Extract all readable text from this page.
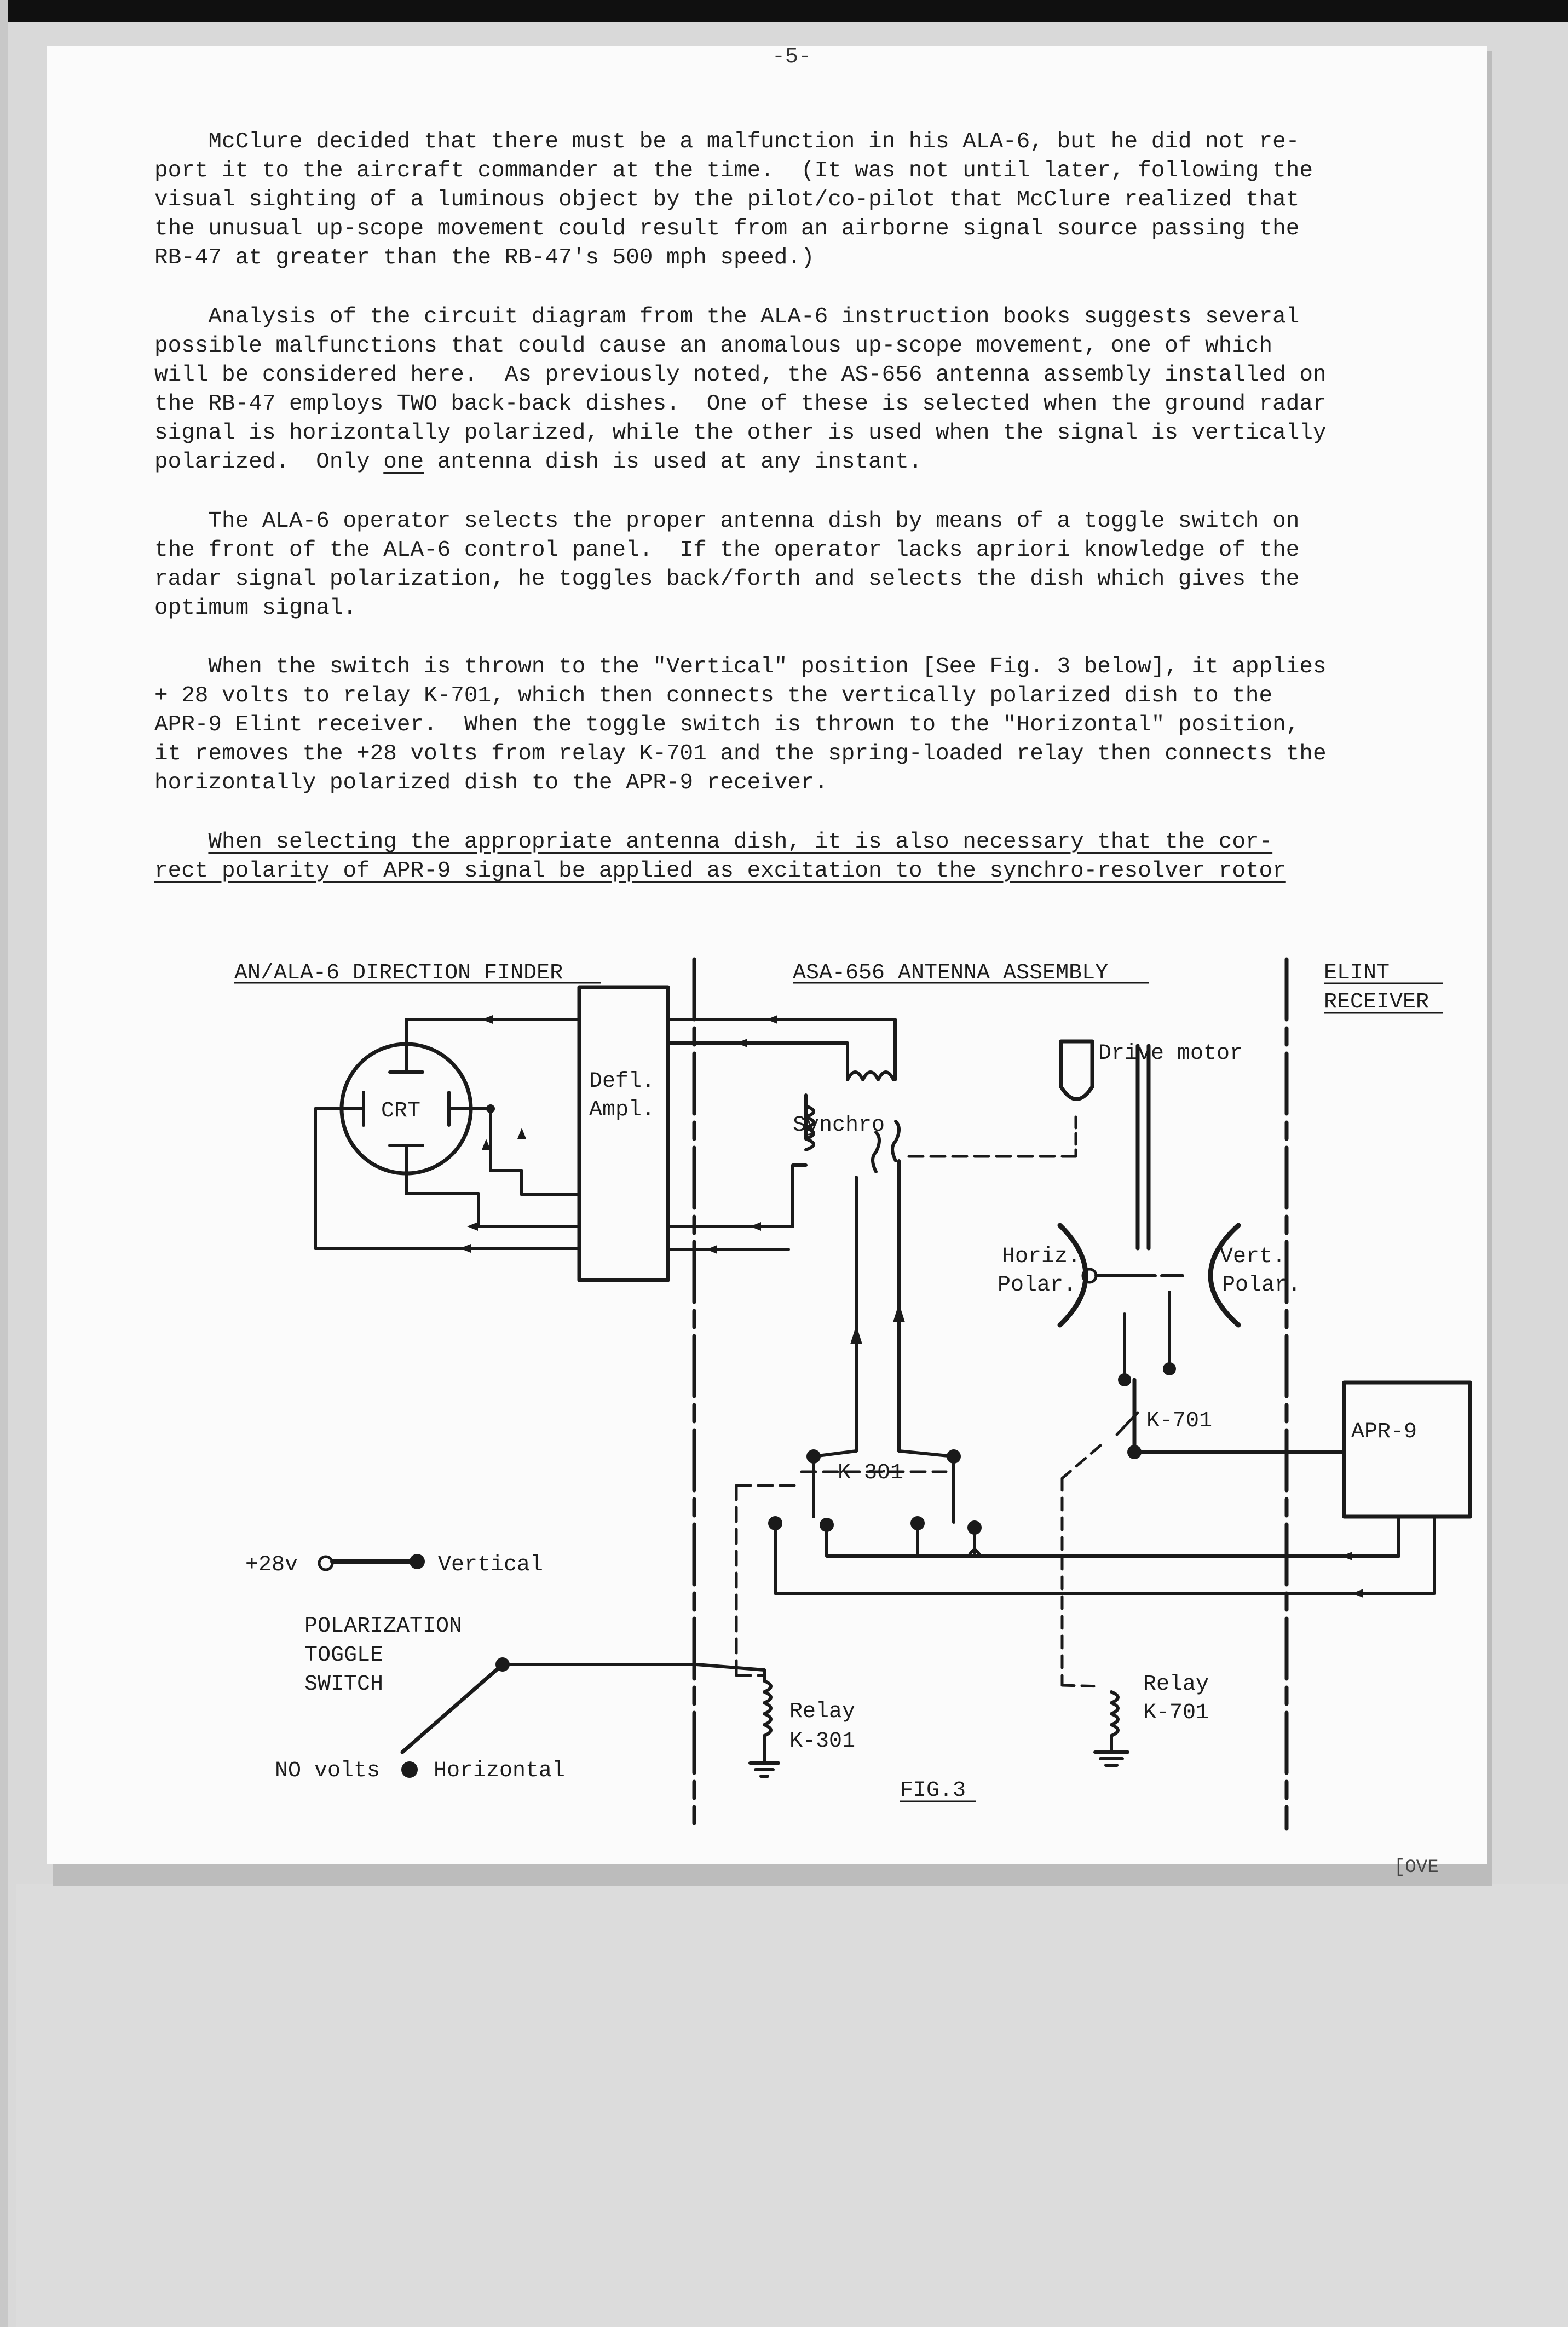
-5-
McClure decided that there must be a malfunction in his ALA-6, but he did not re-
port it to the aircraft commander at the time.  (It was not until later, following the
visual sighting of a luminous object by the pilot/co-pilot that McClure realized that
the unusual up-scope movement could result from an airborne signal source passing the
RB-47 at greater than the RB-47's 500 mph speed.)
Analysis of the circuit diagram from the ALA-6 instruction books suggests several
possible malfunctions that could cause an anomalous up-scope movement, one of which
will be considered here.  As previously noted, the AS-656 antenna assembly installed on
the RB-47 employs TWO back-back dishes.  One of these is selected when the ground radar
signal is horizontally polarized, while the other is used when the signal is vertically
polarized.  Only one antenna dish is used at any instant.
The ALA-6 operator selects the proper antenna dish by means of a toggle switch on
the front of the ALA-6 control panel.  If the operator lacks apriori knowledge of the
radar signal polarization, he toggles back/forth and selects the dish which gives the
optimum signal.
When the switch is thrown to the "Vertical" position [See Fig. 3 below], it applies
+ 28 volts to relay K-701, which then connects the vertically polarized dish to the
APR-9 Elint receiver.  When the toggle switch is thrown to the "Horizontal" position,
it removes the +28 volts from relay K-701 and the spring-loaded relay then connects the
horizontally polarized dish to the APR-9 receiver.
When selecting the appropriate antenna dish, it is also necessary that the cor-
rect polarity of APR-9 signal be applied as excitation to the synchro-resolver rotor
AN/ALA-6 DIRECTION FINDER	ASA-656 ANTENNA ASSEMBLY	ELINT
RECEIVER
CRT
Defl.
Ampl.
Synchro
Drive motor
Horiz.
Polar.
Vert.
Polar.
K-701	APR-9
K-301
+28v	Vertical
POLARIZATION
TOGGLE
SWITCH
Relay
K-301
Relay
K-701
NO volts Horizontal
FIG.3
[OVE
